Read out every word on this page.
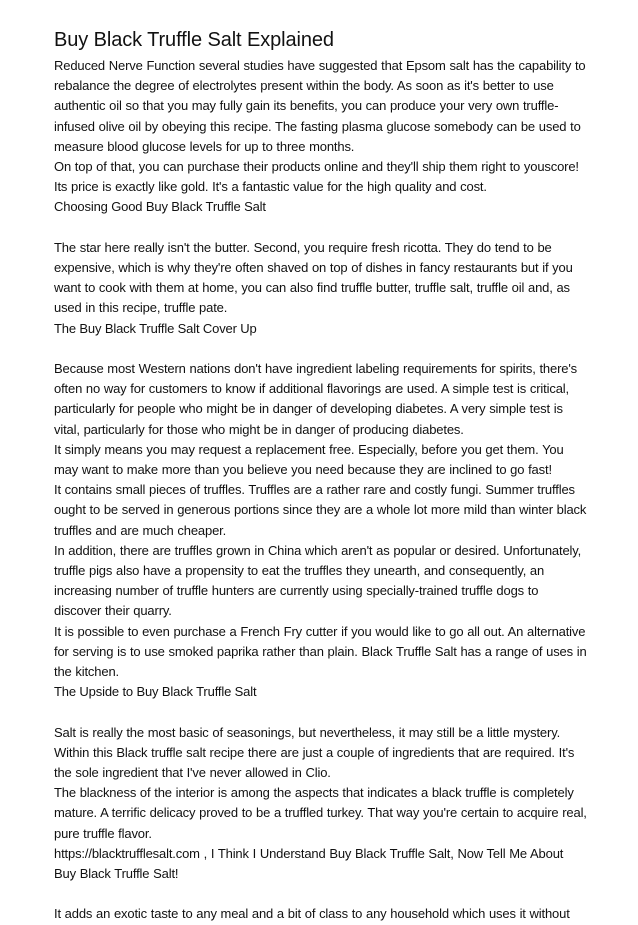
Buy Black Truffle Salt Explained

Reduced Nerve Function several studies have suggested that Epsom salt has the capability to rebalance the degree of electrolytes present within the body. As soon as it's better to use authentic oil so that you may fully gain its benefits, you can produce your very own truffle-infused olive oil by obeying this recipe. The fasting plasma glucose somebody can be used to measure blood glucose levels for up to three months.

On top of that, you can purchase their products online and they'll ship them right to youscore! Its price is exactly like gold. It's a fantastic value for the high quality and cost.

Choosing Good Buy Black Truffle Salt

The star here really isn't the butter. Second, you require fresh ricotta. They do tend to be expensive, which is why they're often shaved on top of dishes in fancy restaurants but if you want to cook with them at home, you can also find truffle butter, truffle salt, truffle oil and, as used in this recipe, truffle pate.

The Buy Black Truffle Salt Cover Up

Because most Western nations don't have ingredient labeling requirements for spirits, there's often no way for customers to know if additional flavorings are used. A simple test is critical, particularly for people who might be in danger of developing diabetes. A very simple test is vital, particularly for those who might be in danger of producing diabetes.

It simply means you may request a replacement free. Especially, before you get them. You may want to make more than you believe you need because they are inclined to go fast!

It contains small pieces of truffles. Truffles are a rather rare and costly fungi. Summer truffles ought to be served in generous portions since they are a whole lot more mild than winter black truffles and are much cheaper.

In addition, there are truffles grown in China which aren't as popular or desired. Unfortunately, truffle pigs also have a propensity to eat the truffles they unearth, and consequently, an increasing number of truffle hunters are currently using specially-trained truffle dogs to discover their quarry.

It is possible to even purchase a French Fry cutter if you would like to go all out. An alternative for serving is to use smoked paprika rather than plain. Black Truffle Salt has a range of uses in the kitchen.

The Upside to Buy Black Truffle Salt

Salt is really the most basic of seasonings, but nevertheless, it may still be a little mystery. Within this Black truffle salt recipe there are just a couple of ingredients that are required. It's the sole ingredient that I've never allowed in Clio.

The blackness of the interior is among the aspects that indicates a black truffle is completely mature. A terrific delicacy proved to be a truffled turkey. That way you're certain to acquire real, pure truffle flavor.

https://blacktrufflesalt.com , I Think I Understand Buy Black Truffle Salt, Now Tell Me About Buy Black Truffle Salt!

It adds an exotic taste to any meal and a bit of class to any household which uses it without
